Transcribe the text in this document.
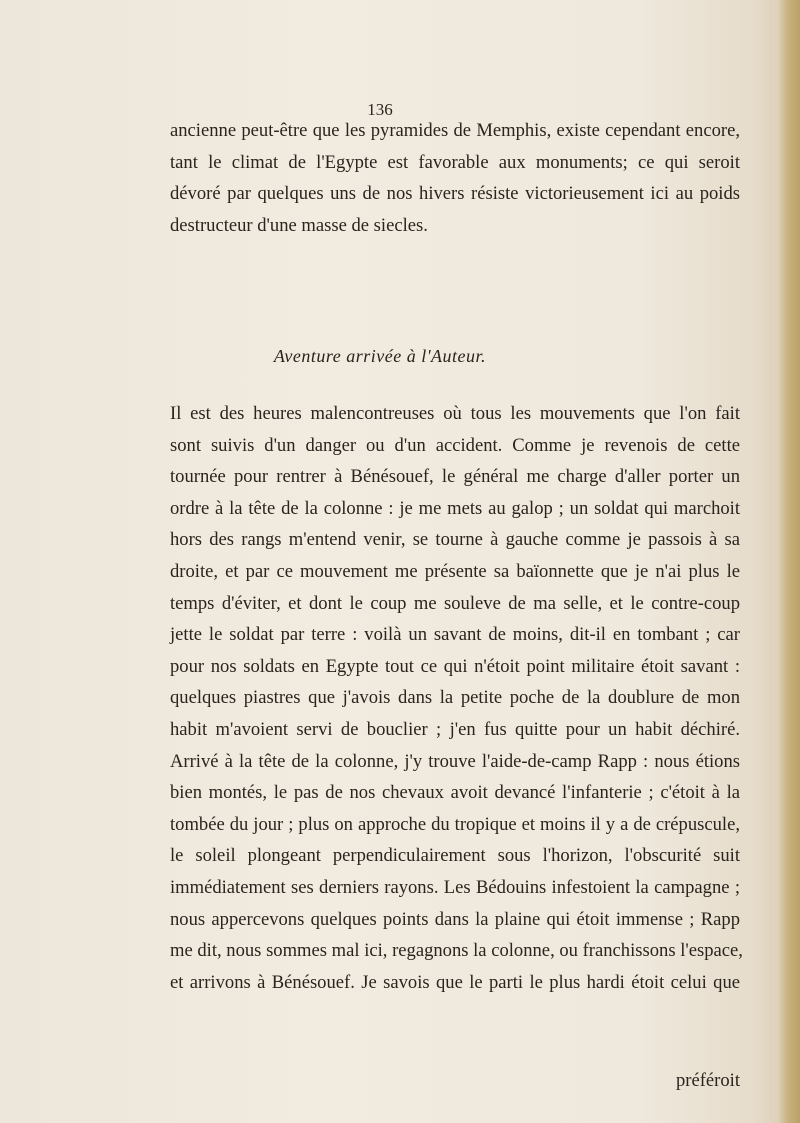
136
ancienne peut-être que les pyramides de Memphis, existe cependant encore,
tant le climat de l'Egypte est favorable aux monuments; ce qui seroit
dévoré par quelques uns de nos hivers résiste victorieusement ici au poids
destructeur d'une masse de siecles.
Aventure arrivée à l'Auteur.
Il est des heures malencontreuses où tous les mouvements que l'on fait
sont suivis d'un danger ou d'un accident. Comme je revenois de cette
tournée pour rentrer à Bénésouef, le général me charge d'aller porter un
ordre à la tête de la colonne : je me mets au galop ; un soldat qui marchoit
hors des rangs m'entend venir, se tourne à gauche comme je passois à sa
droite, et par ce mouvement me présente sa baïonnette que je n'ai plus le
temps d'éviter, et dont le coup me souleve de ma selle, et le contre-coup
jette le soldat par terre : voilà un savant de moins, dit-il en tombant ; car
pour nos soldats en Egypte tout ce qui n'étoit point militaire étoit savant :
quelques piastres que j'avois dans la petite poche de la doublure de mon
habit m'avoient servi de bouclier ; j'en fus quitte pour un habit déchiré.
Arrivé à la tête de la colonne, j'y trouve l'aide-de-camp Rapp : nous étions
bien montés, le pas de nos chevaux avoit devancé l'infanterie ; c'étoit à la
tombée du jour ; plus on approche du tropique et moins il y a de crépuscule,
le soleil plongeant perpendiculairement sous l'horizon, l'obscurité suit
immédiatement ses derniers rayons. Les Bédouins infestoient la campagne ;
nous appercevons quelques points dans la plaine qui étoit immense ; Rapp
me dit, nous sommes mal ici, regagnons la colonne, ou franchissons l'espace,
et arrivons à Bénésouef. Je savois que le parti le plus hardi étoit celui que
préféroit
